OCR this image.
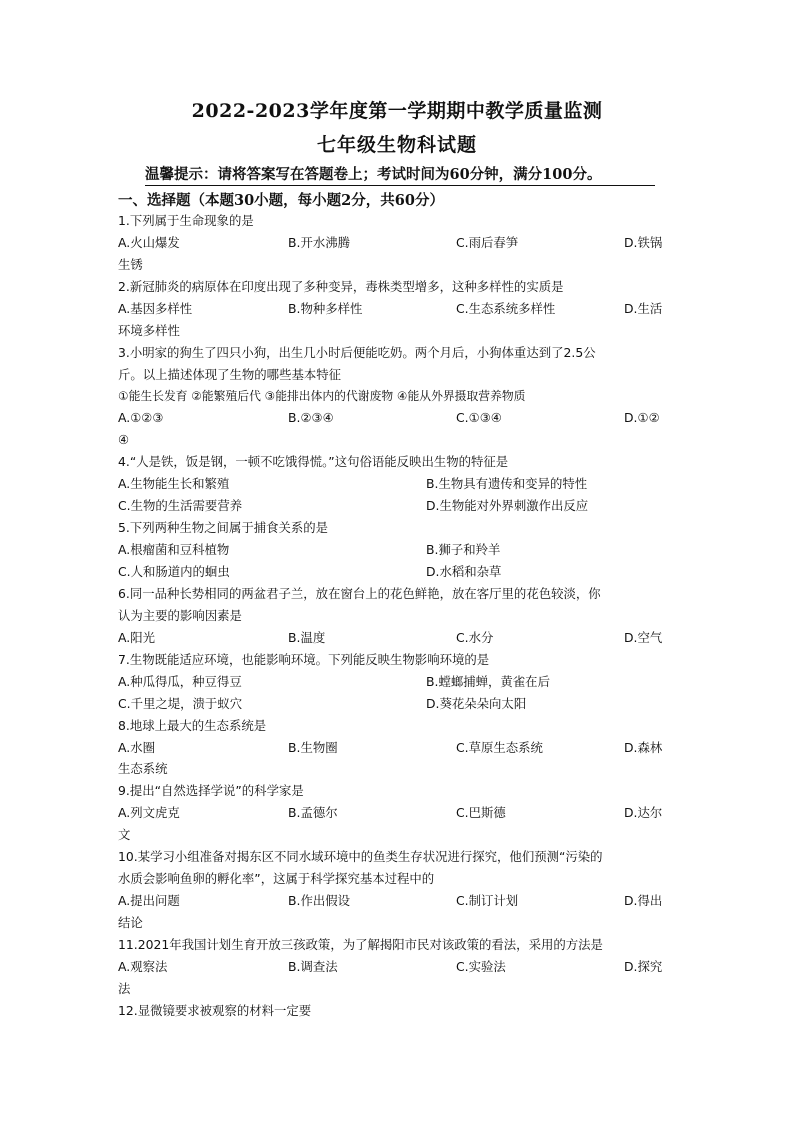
2022-2023学年度第一学期期中教学质量监测
七年级生物科试题
温馨提示：请将答案写在答题卷上；考试时间为60分钟，满分100分。
一、选择题（本题30小题，每小题2分，共60分）
1.下列属于生命现象的是
A.火山爆发	B.开水沸腾	C.雨后春笋	D.铁锅
生锈
2.新冠肺炎的病原体在印度出现了多种变异，毒株类型增多，这种多样性的实质是
A.基因多样性	B.物种多样性	C.生态系统多样性	D.生活
环境多样性
3.小明家的狗生了四只小狗，出生几小时后便能吃奶。两个月后，小狗体重达到了2.5公
斤。以上描述体现了生物的哪些基本特征
①能生长发育 ②能繁殖后代 ③能排出体内的代谢废物 ④能从外界摄取营养物质
A.①②③	B.②③④	C.①③④	D.①②
④
4.“人是铁，饭是钢，一顿不吃饿得慌。”这句俗语能反映出生物的特征是
A.生物能生长和繁殖	B.生物具有遗传和变异的特性
C.生物的生活需要营养	D.生物能对外界刺激作出反应
5.下列两种生物之间属于捕食关系的是
A.根瘤菌和豆科植物	B.狮子和羚羊
C.人和肠道内的蛔虫	D.水稻和杂草
6.同一品种长势相同的两盆君子兰，放在窗台上的花色鲜艳，放在客厅里的花色较淡，你
认为主要的影响因素是
A.阳光	B.温度	C.水分	D.空气
7.生物既能适应环境，也能影响环境。下列能反映生物影响环境的是
A.种瓜得瓜，种豆得豆	B.螳螂捕蝉，黄雀在后
C.千里之堤，溃于蚁穴	D.葵花朵朵向太阳
8.地球上最大的生态系统是
A.水圈	B.生物圈	C.草原生态系统	D.森林
生态系统
9.提出“自然选择学说”的科学家是
A.列文虎克	B.孟德尔	C.巴斯德	D.达尔
文
10.某学习小组准备对揭东区不同水域环境中的鱼类生存状况进行探究，他们预测“污染的
水质会影响鱼卵的孵化率”，这属于科学探究基本过程中的
A.提出问题	B.作出假设	C.制订计划	D.得出
结论
11.2021年我国计划生育开放三孩政策，为了解揭阳市民对该政策的看法，采用的方法是
A.观察法	B.调查法	C.实验法	D.探究
法
12.显微镜要求被观察的材料一定要
